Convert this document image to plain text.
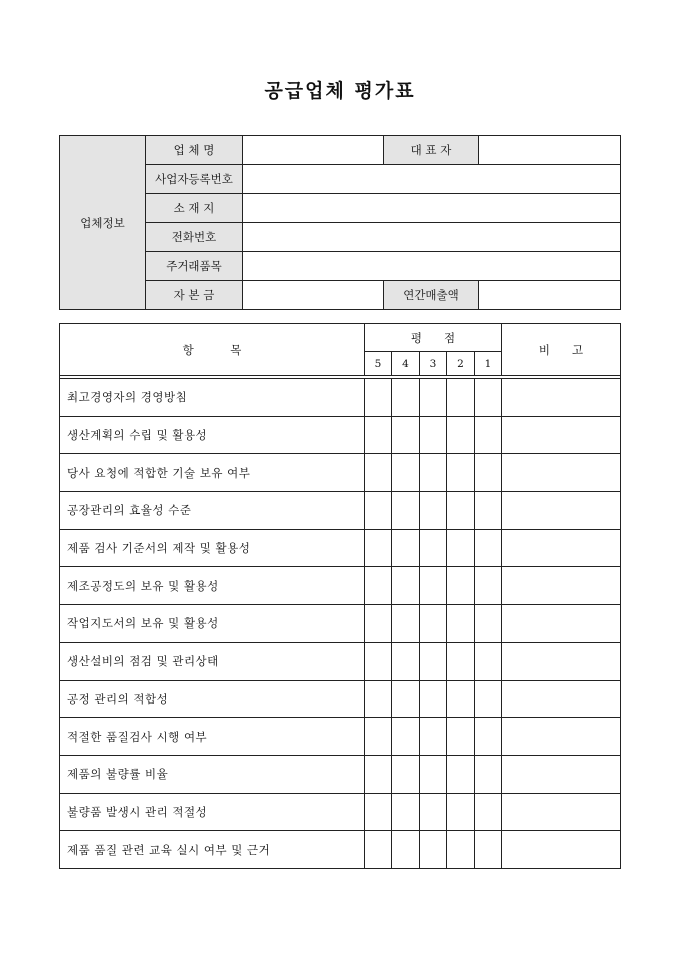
공급업체 평가표
업체정보	업 체 명		대 표 자	
	사업자등록번호			
	소 재 지			
	전화번호			
	주거래품목			
	자 본 금		연간매출액	
항          목	평      점					비      고
	5	4	3	2	1	

최고경영자의 경영방침						
생산계획의 수립 및 활용성						
당사 요청에 적합한 기술 보유 여부						
공장관리의 효율성 수준						
제품 검사 기준서의 제작 및 활용성						
제조공정도의 보유 및 활용성						
작업지도서의 보유 및 활용성						
생산설비의 점검 및 관리상태						
공정 관리의 적합성						
적절한 품질검사 시행 여부						
제품의 불량률 비율						
불량품 발생시 관리 적절성						
제품 품질 관련 교육 실시 여부 및 근거						
